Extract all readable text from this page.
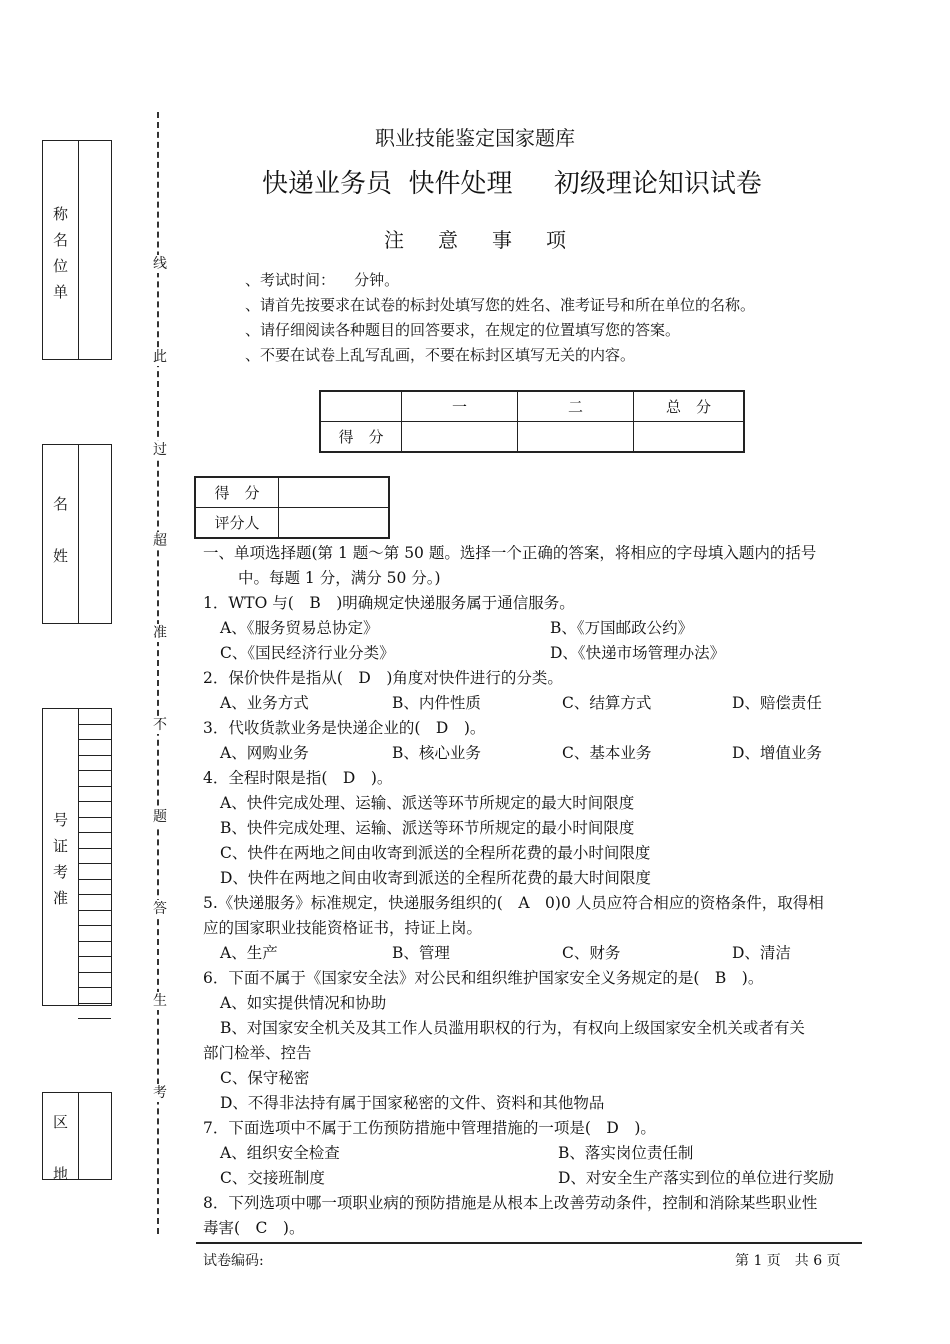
称
名
位
单
名

姓
号
证
考
准
区

地
线
此
过
超
准
不
题
答
生
考
职业技能鉴定国家题库
快递业务员  快件处理     初级理论知识试卷
注意事项
、考试时间：    分钟。
、请首先按要求在试卷的标封处填写您的姓名、准考证号和所在单位的名称。
、请仔细阅读各种题目的回答要求，在规定的位置填写您的答案。
、不要在试卷上乱写乱画，不要在标封区填写无关的内容。
	一	二	总　分
得　分			
得　分	
评分人	
一、单项选择题(第 1 题～第 50 题。选择一个正确的答案，将相应的字母填入题内的括号
中。每题 1 分，满分 50 分。)
1．WTO 与(　B　)明确规定快递服务属于通信服务。
A、《服务贸易总协定》	B、《万国邮政公约》
C、《国民经济行业分类》	D、《快递市场管理办法》
2．保价快件是指从(　D　)角度对快件进行的分类。
A、业务方式	B、内件性质	C、结算方式	D、赔偿责任
3．代收货款业务是快递企业的(　D　)。
A、网购业务	B、核心业务	C、基本业务	D、增值业务
4．全程时限是指(　D　)。
A、快件完成处理、运输、派送等环节所规定的最大时间限度
B、快件完成处理、运输、派送等环节所规定的最小时间限度
C、快件在两地之间由收寄到派送的全程所花费的最小时间限度
D、快件在两地之间由收寄到派送的全程所花费的最大时间限度
5.《快递服务》标准规定，快递服务组织的(　A　0)0 人员应符合相应的资格条件，取得相
应的国家职业技能资格证书，持证上岗。
A、生产	B、管理	C、财务	D、清洁
6．下面不属于《国家安全法》对公民和组织维护国家安全义务规定的是(　B　)。
A、如实提供情况和协助
B、对国家安全机关及其工作人员滥用职权的行为，有权向上级国家安全机关或者有关
部门检举、控告
C、保守秘密
D、不得非法持有属于国家秘密的文件、资料和其他物品
7．下面选项中不属于工伤预防措施中管理措施的一项是(　D　)。
A、组织安全检查	B、落实岗位责任制
C、交接班制度	D、对安全生产落实到位的单位进行奖励
8．下列选项中哪一项职业病的预防措施是从根本上改善劳动条件，控制和消除某些职业性
毒害(　C　)。
试卷编码:	第 1 页　共 6 页
